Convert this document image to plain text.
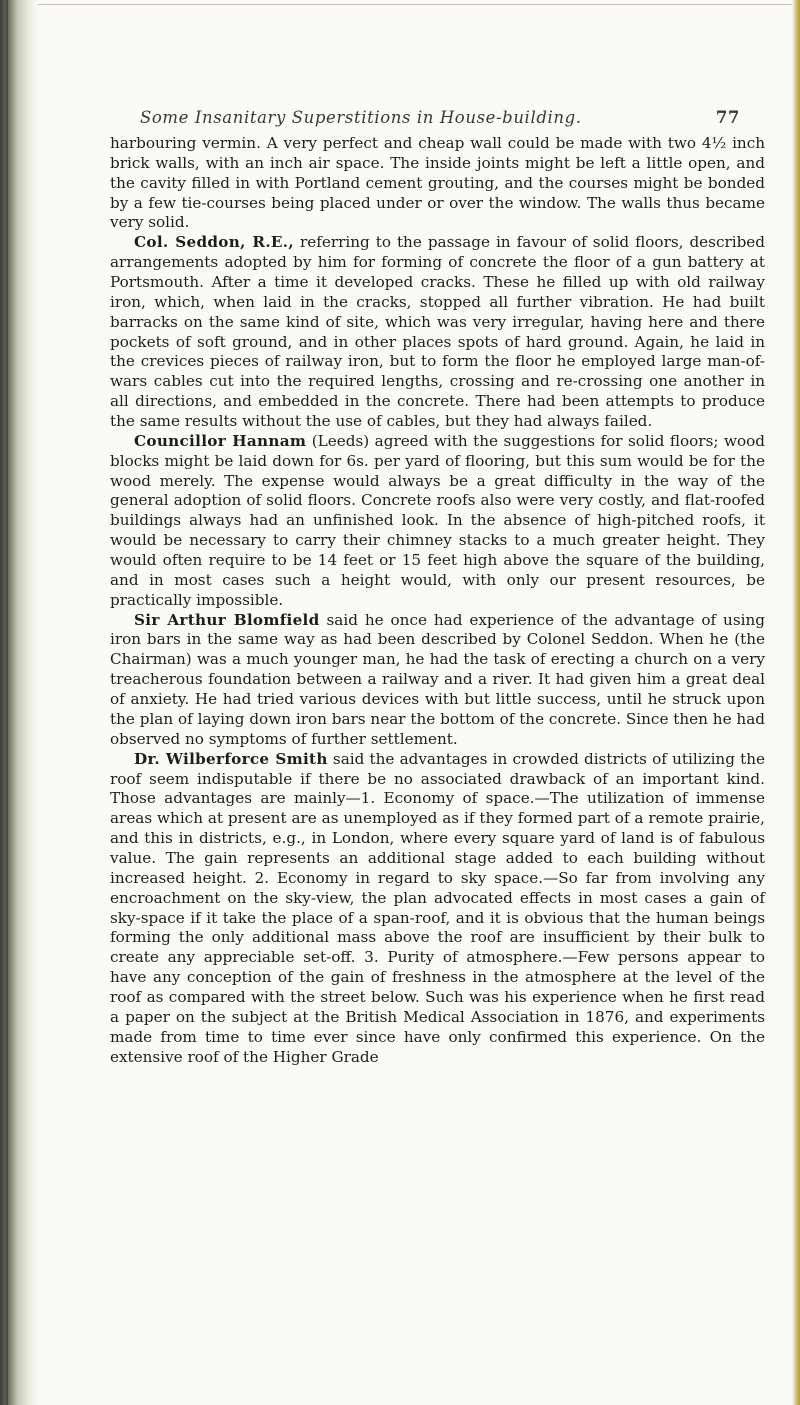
Some Insanitary Superstitions in House-building.	77

harbouring vermin. A very perfect and cheap wall could be made with two 4½ inch brick walls, with an inch air space. The inside joints might be left a little open, and the cavity filled in with Portland cement grouting, and the courses might be bonded by a few tie-courses being placed under or over the window. The walls thus became very solid.

Col. Seddon, R.E., referring to the passage in favour of solid floors, described arrangements adopted by him for forming of concrete the floor of a gun battery at Portsmouth. After a time it developed cracks. These he filled up with old railway iron, which, when laid in the cracks, stopped all further vibration. He had built barracks on the same kind of site, which was very irregular, having here and there pockets of soft ground, and in other places spots of hard ground. Again, he laid in the crevices pieces of railway iron, but to form the floor he employed large man-of-wars cables cut into the required lengths, crossing and re-crossing one another in all directions, and embedded in the concrete. There had been attempts to produce the same results without the use of cables, but they had always failed.

Councillor Hannam (Leeds) agreed with the suggestions for solid floors; wood blocks might be laid down for 6s. per yard of flooring, but this sum would be for the wood merely. The expense would always be a great difficulty in the way of the general adoption of solid floors. Concrete roofs also were very costly, and flat-roofed buildings always had an unfinished look. In the absence of high-pitched roofs, it would be necessary to carry their chimney stacks to a much greater height. They would often require to be 14 feet or 15 feet high above the square of the building, and in most cases such a height would, with only our present resources, be practically impossible.

Sir Arthur Blomfield said he once had experience of the advantage of using iron bars in the same way as had been described by Colonel Seddon. When he (the Chairman) was a much younger man, he had the task of erecting a church on a very treacherous foundation between a railway and a river. It had given him a great deal of anxiety. He had tried various devices with but little success, until he struck upon the plan of laying down iron bars near the bottom of the concrete. Since then he had observed no symptoms of further settlement.

Dr. Wilberforce Smith said the advantages in crowded districts of utilizing the roof seem indisputable if there be no associated drawback of an important kind. Those advantages are mainly—1. Economy of space.—The utilization of immense areas which at present are as unemployed as if they formed part of a remote prairie, and this in districts, e.g., in London, where every square yard of land is of fabulous value. The gain represents an additional stage added to each building without increased height. 2. Economy in regard to sky space.—So far from involving any encroachment on the sky-view, the plan advocated effects in most cases a gain of sky-space if it take the place of a span-roof, and it is obvious that the human beings forming the only additional mass above the roof are insufficient by their bulk to create any appreciable set-off. 3. Purity of atmosphere.—Few persons appear to have any conception of the gain of freshness in the atmosphere at the level of the roof as compared with the street below. Such was his experience when he first read a paper on the subject at the British Medical Association in 1876, and experiments made from time to time ever since have only confirmed this experience. On the extensive roof of the Higher Grade
